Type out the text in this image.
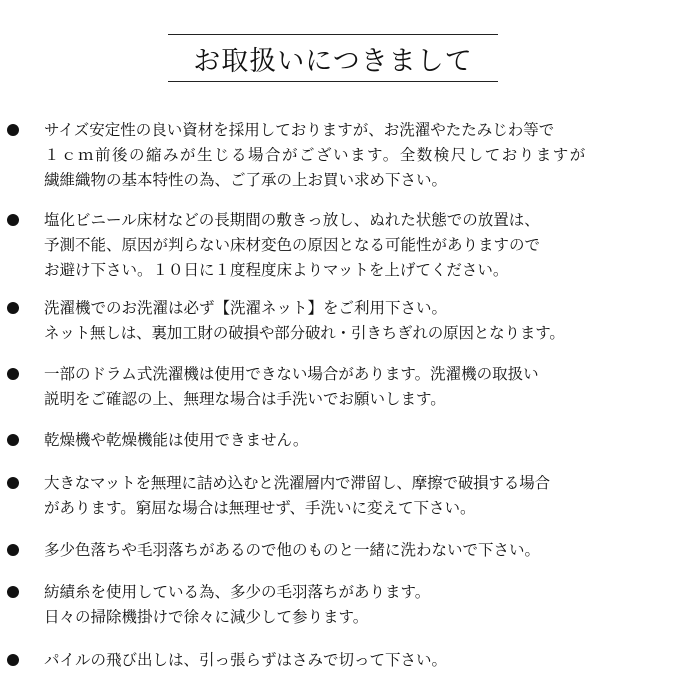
お取扱いにつきまして
サイズ安定性の良い資材を採用しておりますが、お洗濯やたたみじわ等で
１ｃｍ前後の縮みが生じる場合がございます。全数検尺しておりますが
繊維織物の基本特性の為、ご了承の上お買い求め下さい。
塩化ビニール床材などの長期間の敷きっ放し、ぬれた状態での放置は、
予測不能、原因が判らない床材変色の原因となる可能性がありますので
お避け下さい。１０日に１度程度床よりマットを上げてください。
洗濯機でのお洗濯は必ず【洗濯ネット】をご利用下さい。
ネット無しは、裏加工財の破損や部分破れ・引きちぎれの原因となります。
一部のドラム式洗濯機は使用できない場合があります。洗濯機の取扱い
説明をご確認の上、無理な場合は手洗いでお願いします。
乾燥機や乾燥機能は使用できません。
大きなマットを無理に詰め込むと洗濯層内で滞留し、摩擦で破損する場合
があります。窮屈な場合は無理せず、手洗いに変えて下さい。
多少色落ちや毛羽落ちがあるので他のものと一緒に洗わないで下さい。
紡績糸を使用している為、多少の毛羽落ちがあります。
日々の掃除機掛けで徐々に減少して参ります。
パイルの飛び出しは、引っ張らずはさみで切って下さい。
